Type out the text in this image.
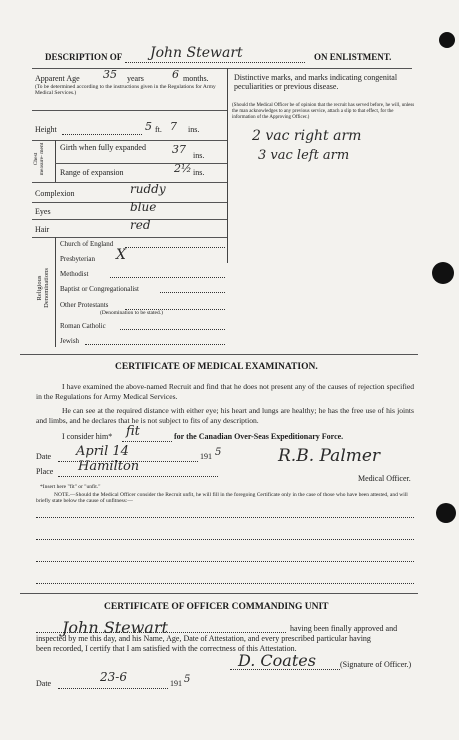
DESCRIPTION OF John Stewart	ON ENLISTMENT.
Apparent Age 35 years	6 months.
(To be determined according to the instructions given in the Regulations for Army Medical Services.)
Distinctive marks, and marks indicating congenital peculiarities or previous disease.
(Should the Medical Officer be of opinion that the recruit has served before, he will, unless the man acknowledges to any previous service, attach a slip to that effect, for the information of the Approving Officer.)
2 vac right arm
3 vac left arm
Height	5 ft. 7 ins.
Chest measure- ment Girth when fully expanded	37 ins.
Range of expansion	2½ ins.
Complexion	ruddy
Eyes	blue
Hair	red
Religious Denominations
Church of England
Presbyterian X
Methodist
Baptist or Congregationalist
Other Protestants
(Denomination to be stated.)
Roman Catholic
Jewish
CERTIFICATE OF MEDICAL EXAMINATION.
I have examined the above-named Recruit and find that he does not present any of the causes of rejection specified in the Regulations for Army Medical Services.
He can see at the required distance with either eye; his heart and lungs are healthy; he has the free use of his joints and limbs, and he declares that he is not subject to fits of any description.
I consider him* fit	for the Canadian Over-Seas Expeditionary Force.
Date April 14	191 5
Place Hamilton
R.B. Palmer
Medical Officer.
*Insert here "fit" or "unfit."
NOTE.—Should the Medical Officer consider the Recruit unfit, he will fill in the foregoing Certificate only in the case of those who have been attested, and will briefly state below the cause of unfitness:—
CERTIFICATE OF OFFICER COMMANDING UNIT
John Stewart	having been finally approved and
inspected by me this day, and his Name, Age, Date of Attestation, and every prescribed particular having
been recorded, I certify that I am satisfied with the correctness of this Attestation.
D. Coates	(Signature of Officer.)
Date	23-6	191 5
